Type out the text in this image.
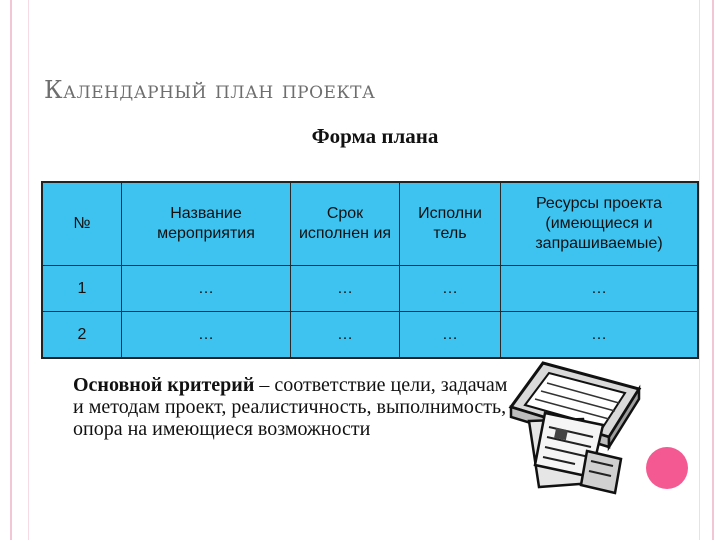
Календарный план проекта
Форма плана
№	Название мероприятия	Срок исполнен ия	Исполни тель	Ресурсы проекта (имеющиеся и запрашиваемые)
1	…	…	…	…
2	…	…	…	…
Основной критерий – соответствие цели, задачам и методам проект, реалистичность, выполнимость, опора на имеющиеся возможности
